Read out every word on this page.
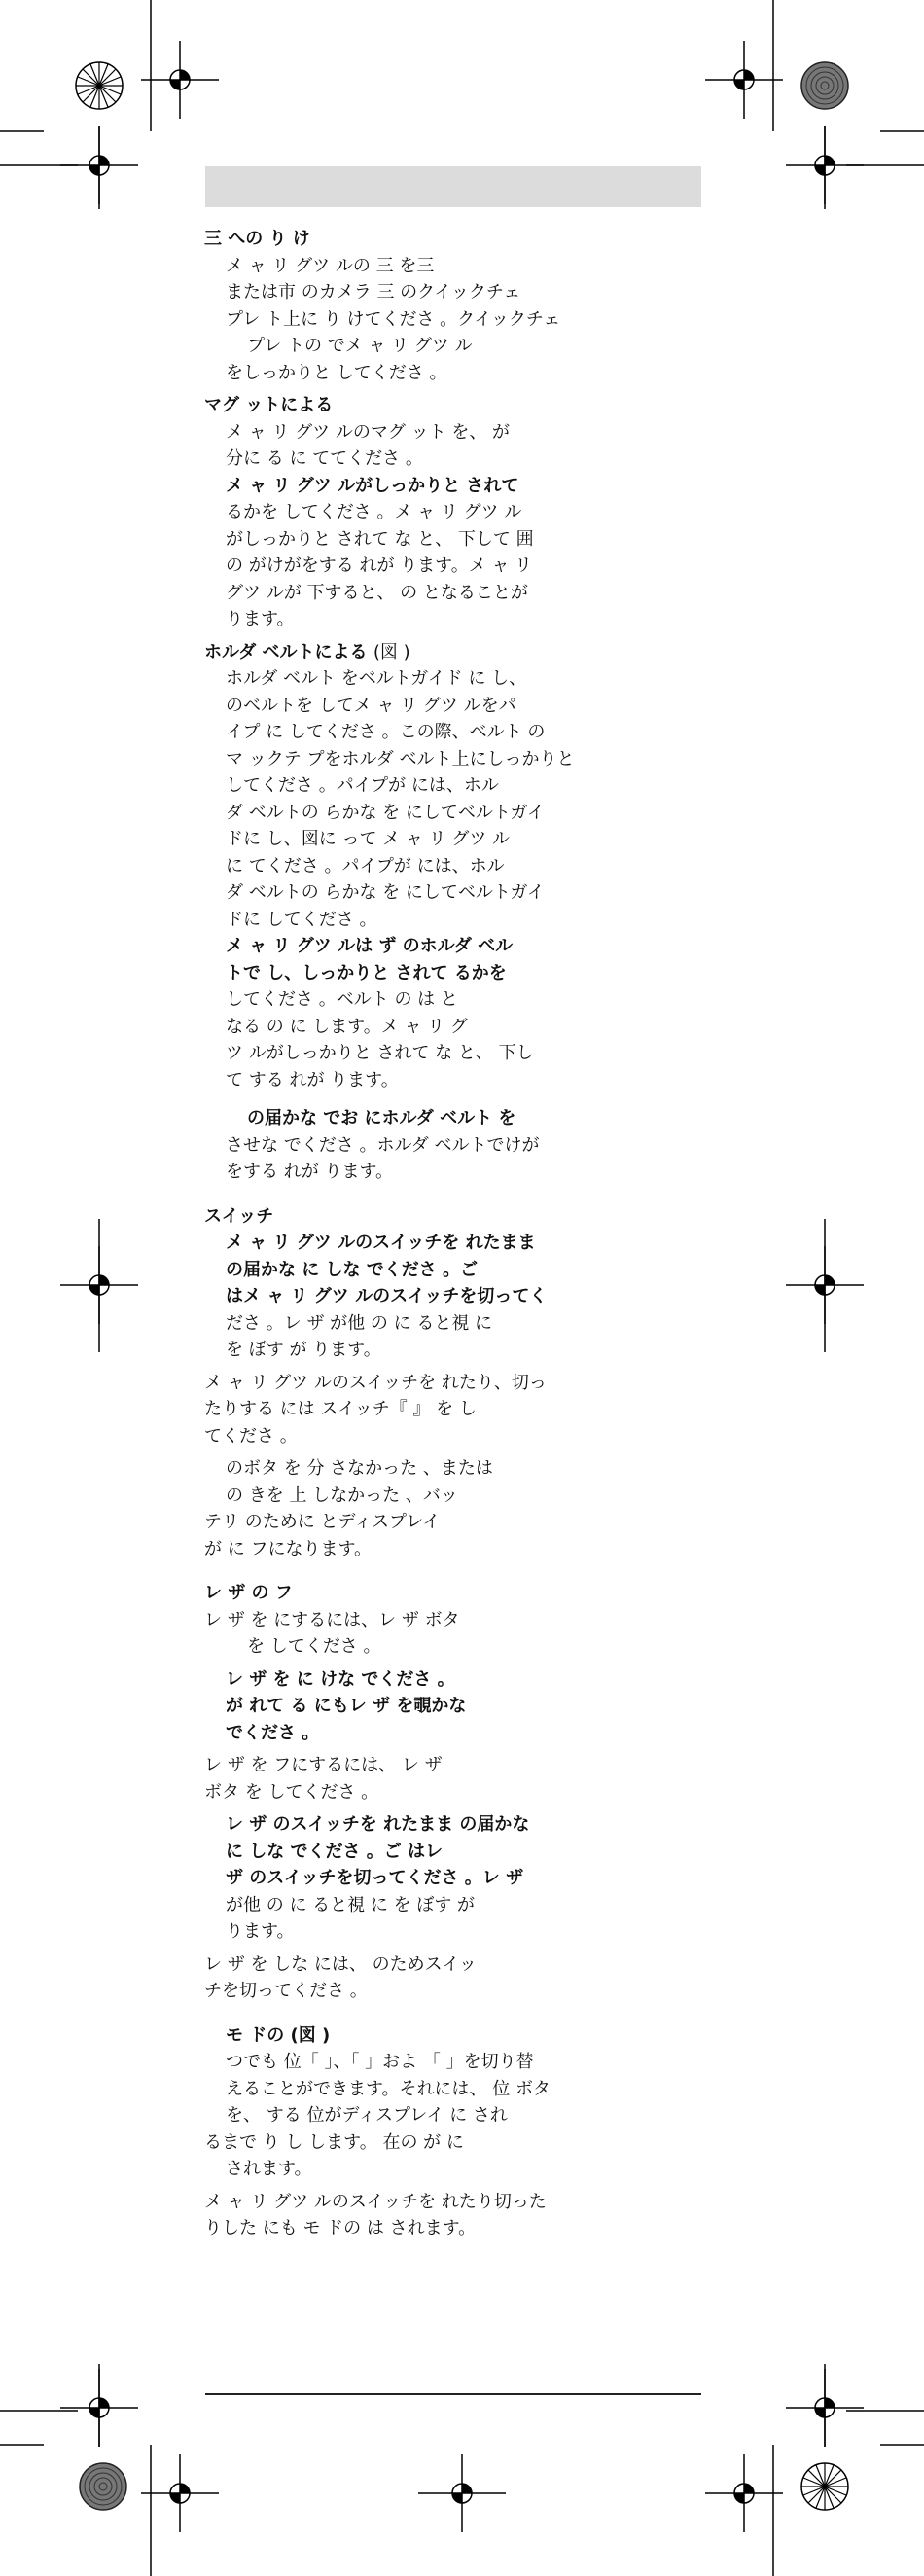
三 への り け
メ ャ リ グツ ルの 三 を三
または市 のカメラ 三 のクイックチェ
プレ ト上に り けてくださ 。クイックチェ
プレ トの でメ ャ リ グツ ル
をしっかりと してくださ 。
マグ ットによる
メ ャ リ グツ ルのマグ ット を、 が
分に る に ててくださ 。
メ ャ リ グツ ルがしっかりと されて
るかを してくださ 。メ ャ リ グツ ル
がしっかりと されて な と、 下して 囲
の がけがをする れが ります。メ ャ リ
グツ ルが 下すると、 の となることが
ります。
ホルダ ベルトによる (図 )
ホルダ ベルト をベルトガイド に し、
のベルトを してメ ャ リ グツ ルをパ
イプ に してくださ 。この際、ベルト の
マ ックテ プをホルダ ベルト上にしっかりと
してくださ 。パイプが には、ホル
ダ ベルトの らかな を にしてベルトガイ
ドに し、図に って メ ャ リ グツ ル
に てくださ 。パイプが には、ホル
ダ ベルトの らかな を にしてベルトガイ
ドに してくださ 。
メ ャ リ グツ ルは ず のホルダ ベル
トで し、しっかりと されて るかを
してくださ 。ベルト の は と
なる の に します。メ ャ リ グ
ツ ルがしっかりと されて な と、 下し
て する れが ります。
の届かな でお にホルダ ベルト を
させな でくださ 。ホルダ ベルトでけが
をする れが ります。
スイッチ
メ ャ リ グツ ルのスイッチを れたまま
の届かな に しな でくださ 。ご
はメ ャ リ グツ ルのスイッチを切ってく
ださ 。レ ザ が他 の に ると視 に
を ぼす が ります。
メ ャ リ グツ ルのスイッチを れたり、切っ
たりする には スイッチ『 』 を し
てくださ 。
のボタ を 分 さなかった 、または
の きを 上 しなかった 、バッ
テリ のために とディスプレイ
が に フになります。
レ ザ の フ
レ ザ を にするには、レ ザ ボタ
を してくださ 。
レ ザ を に けな でくださ 。
が れて る にもレ ザ を覗かな
でくださ 。
レ ザ を フにするには、 レ ザ
ボタ を してくださ 。
レ ザ のスイッチを れたまま の届かな
に しな でくださ 。ご はレ
ザ のスイッチを切ってくださ 。レ ザ
が他 の に ると視 に を ぼす が
ります。
レ ザ を しな には、 のためスイッ
チを切ってくださ 。
モ ドの (図 )
つでも 位「 」、「 」およ 「 」を切り替
えることができます。それには、 位 ボタ
を、 する 位がディスプレイ に され
るまで り し します。 在の が に
されます。
メ ャ リ グツ ルのスイッチを れたり切った
りした にも モ ドの は されます。
